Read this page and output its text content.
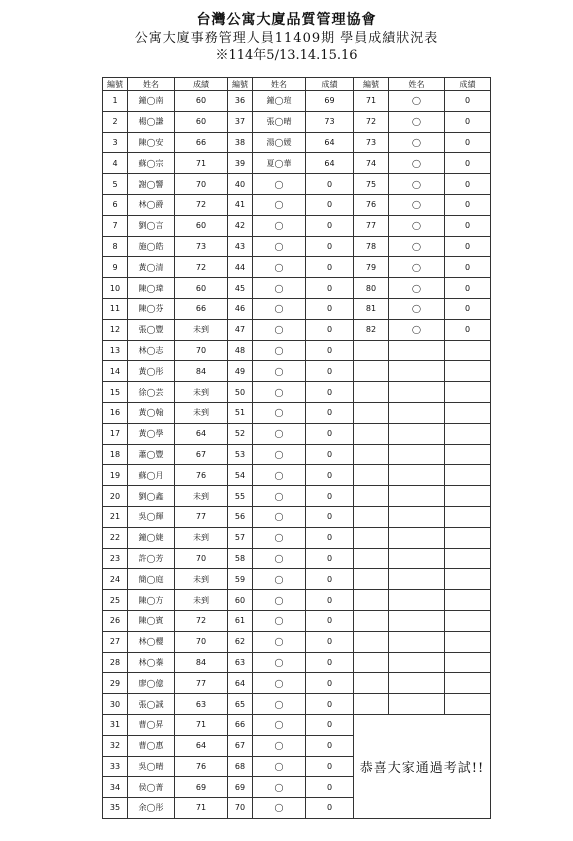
台灣公寓大廈品質管理協會
公寓大廈事務管理人員11409期 學員成績狀況表
※114年5/13.14.15.16
編號	姓名	成績	編號	姓名	成績	編號	姓名	成績
1	鐘◯南	60	36	鐘◯瑄	69	71	◯	0
2	楊◯謙	60	37	張◯晴	73	72	◯	0
3	陳◯安	66	38	湯◯媛	64	73	◯	0
4	蘇◯宗	71	39	夏◯華	64	74	◯	0
5	謝◯響	70	40	◯	0	75	◯	0
6	林◯爵	72	41	◯	0	76	◯	0
7	劉◯言	60	42	◯	0	77	◯	0
8	施◯皓	73	43	◯	0	78	◯	0
9	黃◯清	72	44	◯	0	79	◯	0
10	陳◯瑋	60	45	◯	0	80	◯	0
11	陳◯芬	66	46	◯	0	81	◯	0
12	張◯豐	未到	47	◯	0	82	◯	0
13	林◯志	70	48	◯	0			
14	黃◯彤	84	49	◯	0			
15	徐◯芸	未到	50	◯	0			
16	黃◯翰	未到	51	◯	0			
17	黃◯學	64	52	◯	0			
18	蕭◯豐	67	53	◯	0			
19	蘇◯月	76	54	◯	0			
20	劉◯鑫	未到	55	◯	0			
21	吳◯輝	77	56	◯	0			
22	鐘◯婕	未到	57	◯	0			
23	許◯芳	70	58	◯	0			
24	簡◯庭	未到	59	◯	0			
25	陳◯方	未到	60	◯	0			
26	陳◯賓	72	61	◯	0			
27	林◯櫻	70	62	◯	0			
28	林◯蓁	84	63	◯	0			
29	廖◯億	77	64	◯	0			
30	張◯誠	63	65	◯	0			
31	曹◯昇	71	66	◯	0	恭喜大家通過考試!!		
32	曹◯惠	64	67	◯	0			
33	吳◯晴	76	68	◯	0			
34	侯◯菁	69	69	◯	0			
35	余◯彤	71	70	◯	0			
